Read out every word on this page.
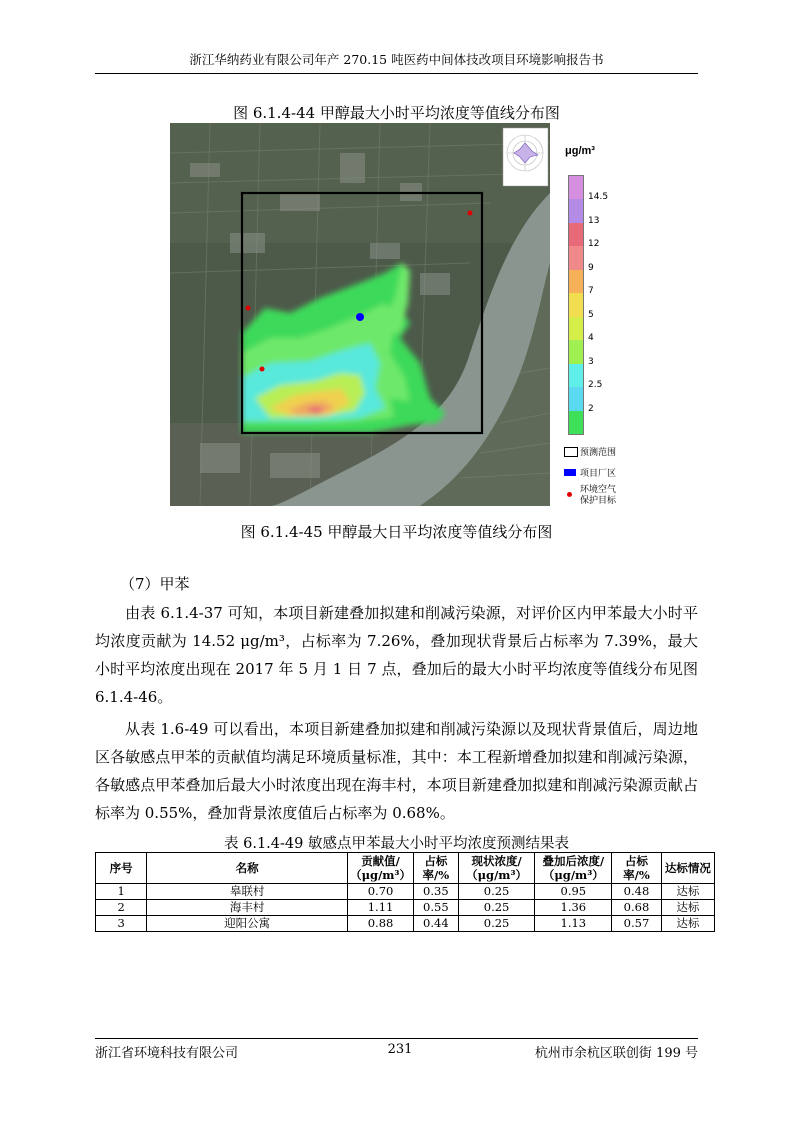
浙江华纳药业有限公司年产 270.15 吨医药中间体技改项目环境影响报告书
图 6.1.4-44 甲醇最大小时平均浓度等值线分布图
μg/m³
14.5
13
12
9
7
5
4
3
2.5
2
预测范围
项目厂区
环境空气保护目标
图 6.1.4-45 甲醇最大日平均浓度等值线分布图
（7）甲苯

由表 6.1.4-37 可知，本项目新建叠加拟建和削减污染源，对评价区内甲苯最大小时平均浓度贡献为 14.52 μg/m³，占标率为 7.26%，叠加现状背景后占标率为 7.39%，最大小时平均浓度出现在 2017 年 5 月 1 日 7 点，叠加后的最大小时平均浓度等值线分布见图 6.1.4-46。

从表 1.6-49 可以看出，本项目新建叠加拟建和削减污染源以及现状背景值后，周边地区各敏感点甲苯的贡献值均满足环境质量标准，其中：本工程新增叠加拟建和削减污染源，各敏感点甲苯叠加后最大小时浓度出现在海丰村，本项目新建叠加拟建和削减污染源贡献占标率为 0.55%，叠加背景浓度值后占标率为 0.68%。

表 6.1.4-49 敏感点甲苯最大小时平均浓度预测结果表
序号	名称	贡献值/（μg/m³）	占标率/%	现状浓度/（μg/m³）	叠加后浓度/（μg/m³）	占标率/%	达标情况
1	皋联村	0.70	0.35	0.25	0.95	0.48	达标
2	海丰村	1.11	0.55	0.25	1.36	0.68	达标
3	迎阳公寓	0.88	0.44	0.25	1.13	0.57	达标
浙江省环境科技有限公司	231	杭州市余杭区联创街 199 号
